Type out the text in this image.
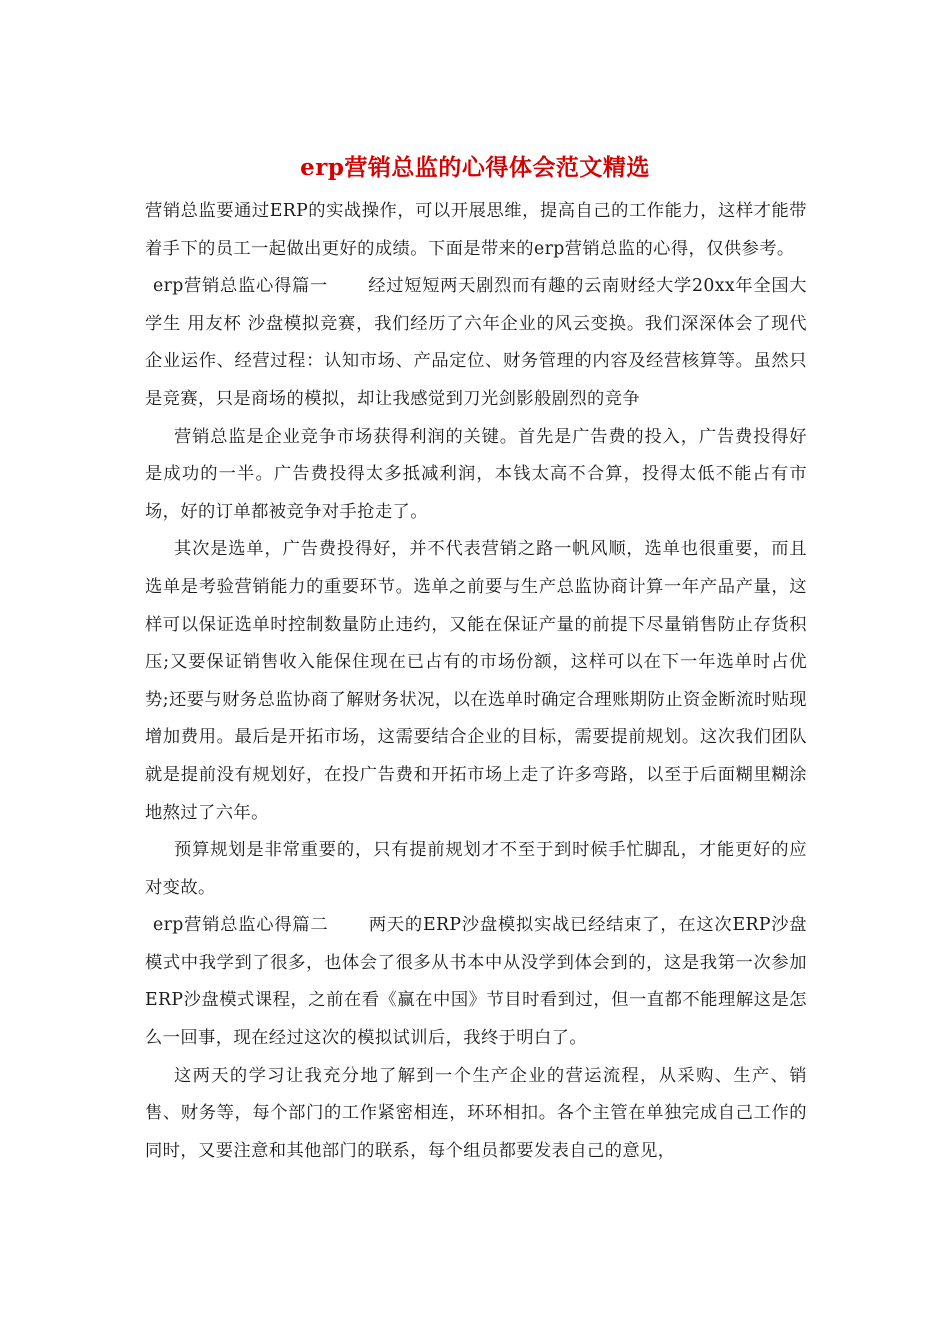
erp营销总监的心得体会范文精选

营销总监要通过ERP的实战操作，可以开展思维，提高自己的工作能力，这样才能带着手下的员工一起做出更好的成绩。下面是带来的erp营销总监的心得，仅供参考。

erp营销总监心得篇一 经过短短两天剧烈而有趣的云南财经大学20xx年全国大学生 用友杯 沙盘模拟竞赛，我们经历了六年企业的风云变换。我们深深体会了现代企业运作、经营过程：认知市场、产品定位、财务管理的内容及经营核算等。虽然只是竞赛，只是商场的模拟，却让我感觉到刀光剑影般剧烈的竞争

营销总监是企业竞争市场获得利润的关键。首先是广告费的投入，广告费投得好是成功的一半。广告费投得太多抵减利润，本钱太高不合算，投得太低不能占有市场，好的订单都被竞争对手抢走了。

其次是选单，广告费投得好，并不代表营销之路一帆风顺，选单也很重要，而且选单是考验营销能力的重要环节。选单之前要与生产总监协商计算一年产品产量，这样可以保证选单时控制数量防止违约，又能在保证产量的前提下尽量销售防止存货积压;又要保证销售收入能保住现在已占有的市场份额，这样可以在下一年选单时占优势;还要与财务总监协商了解财务状况，以在选单时确定合理账期防止资金断流时贴现增加费用。最后是开拓市场，这需要结合企业的目标，需要提前规划。这次我们团队就是提前没有规划好，在投广告费和开拓市场上走了许多弯路，以至于后面糊里糊涂地熬过了六年。

预算规划是非常重要的，只有提前规划才不至于到时候手忙脚乱，才能更好的应对变故。

erp营销总监心得篇二 两天的ERP沙盘模拟实战已经结束了，在这次ERP沙盘模式中我学到了很多，也体会了很多从书本中从没学到体会到的，这是我第一次参加ERP沙盘模式课程，之前在看《赢在中国》节目时看到过，但一直都不能理解这是怎么一回事，现在经过这次的模拟试训后，我终于明白了。

这两天的学习让我充分地了解到一个生产企业的营运流程，从采购、生产、销售、财务等，每个部门的工作紧密相连，环环相扣。各个主管在单独完成自己工作的同时，又要注意和其他部门的联系，每个组员都要发表自己的意见，
